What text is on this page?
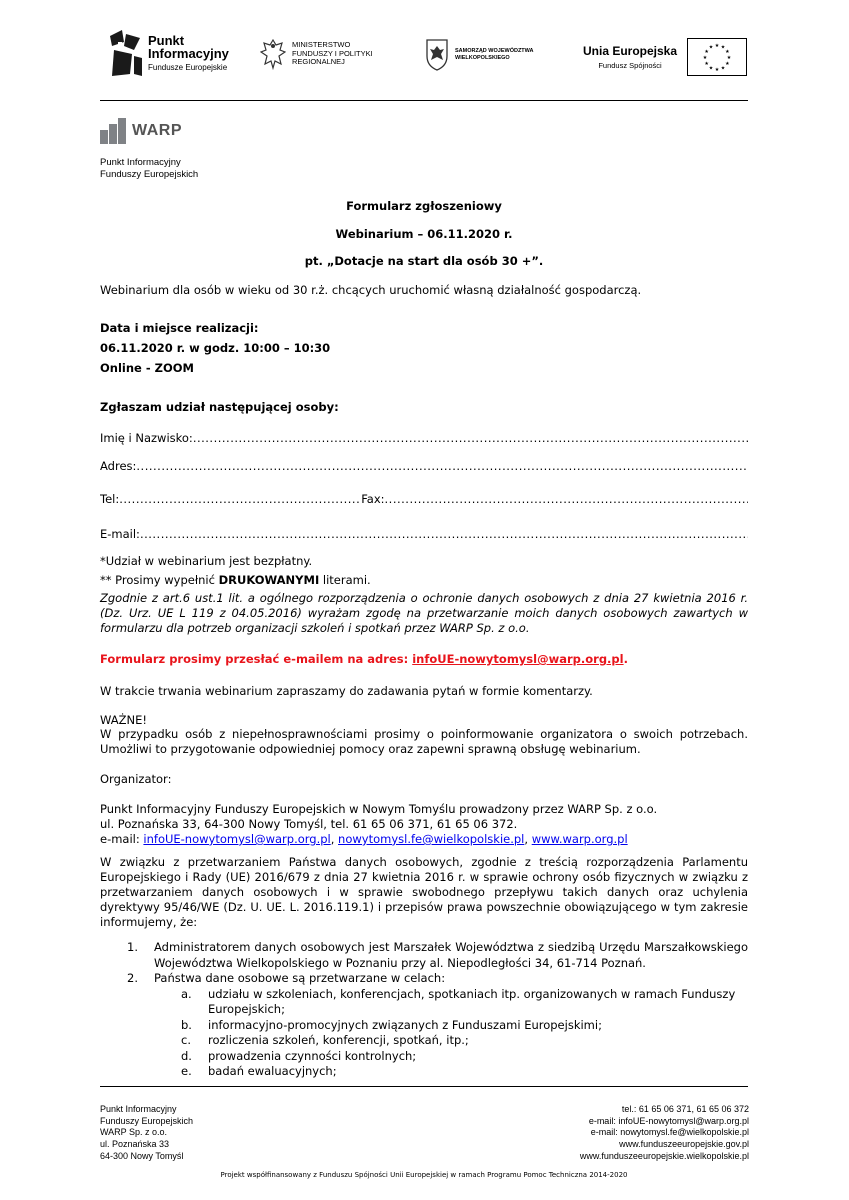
Punkt
Informacyjny
Fundusze Europejskie
MINISTERSTWO
FUNDUSZY I POLITYKI
REGIONALNEJ
SAMORZĄD WOJEWÓDZTWA
WIELKOPOLSKIEGO	Unia Europejska
Fundusz Spójności
★ ★
★
★
★
★
★
★
★
★
★
★
WARP
Punkt Informacyjny
Funduszy Europejskich
Formularz zgłoszeniowy
Webinarium – 06.11.2020 r.
pt. „Dotacje na start dla osób 30 +”.
Webinarium dla osób w wieku od 30 r.ż. chcących uruchomić własną działalność gospodarczą.
Data i miejsce realizacji:
06.11.2020 r. w godz. 10:00 – 10:30
Online - ZOOM
Zgłaszam udział następującej osoby:
Imię i Nazwisko:
.....
Adres:
.....
Tel:
.....	Fax:
.....
E-mail:
.....
*Udział w webinarium jest bezpłatny.
** Prosimy wypełnić DRUKOWANYMI literami.
Zgodnie z art.6 ust.1 lit. a ogólnego rozporządzenia o ochronie danych osobowych z dnia 27 kwietnia 2016 r. (Dz. Urz. UE L 119 z 04.05.2016) wyrażam zgodę na przetwarzanie moich danych osobowych zawartych w formularzu dla potrzeb organizacji szkoleń i spotkań przez WARP Sp. z o.o.
Formularz prosimy przesłać e-mailem na adres: infoUE-nowytomysl@warp.org.pl.
W trakcie trwania webinarium zapraszamy do zadawania pytań w formie komentarzy.
WAŻNE!
W przypadku osób z niepełnosprawnościami prosimy o poinformowanie organizatora o swoich potrzebach. Umożliwi to przygotowanie odpowiedniej pomocy oraz zapewni sprawną obsługę webinarium.
Organizator:
Punkt Informacyjny Funduszy Europejskich w Nowym Tomyślu prowadzony przez WARP Sp. z o.o.
ul. Poznańska 33, 64-300 Nowy Tomyśl, tel. 61 65 06 371, 61 65 06 372.
e-mail: infoUE-nowytomysl@warp.org.pl, nowytomysl.fe@wielkopolskie.pl, www.warp.org.pl
W związku z przetwarzaniem Państwa danych osobowych, zgodnie z treścią rozporządzenia Parlamentu Europejskiego i Rady (UE) 2016/679 z dnia 27 kwietnia 2016 r. w sprawie ochrony osób fizycznych w związku z przetwarzaniem danych osobowych i w sprawie swobodnego przepływu takich danych oraz uchylenia dyrektywy 95/46/WE (Dz. U. UE. L. 2016.119.1) i przepisów prawa powszechnie obowiązującego w tym zakresie informujemy, że:
1.	Administratorem danych osobowych jest Marszałek Województwa z siedzibą Urzędu Marszałkowskiego Województwa Wielkopolskiego w Poznaniu przy al. Niepodległości 34, 61-714 Poznań.
2.	Państwa dane osobowe są przetwarzane w celach:
a.	udziału w szkoleniach, konferencjach, spotkaniach itp. organizowanych w ramach Funduszy Europejskich;
b.	informacyjno-promocyjnych związanych z Funduszami Europejskimi;
c.	rozliczenia szkoleń, konferencji, spotkań, itp.;
d.	prowadzenia czynności kontrolnych;
e.	badań ewaluacyjnych;
Punkt Informacyjny
Funduszy Europejskich
WARP Sp. z o.o.
ul. Poznańska 33
64-300 Nowy Tomyśl
tel.: 61 65 06 371, 61 65 06 372
e-mail: infoUE-nowytomysl@warp.org.pl
e-mail: nowytomysl.fe@wielkopolskie.pl
www.funduszeeuropejskie.gov.pl
www.funduszeeuropejskie.wielkopolskie.pl
Projekt współfinansowany z Funduszu Spójności Unii Europejskiej w ramach Programu Pomoc Techniczna 2014-2020
